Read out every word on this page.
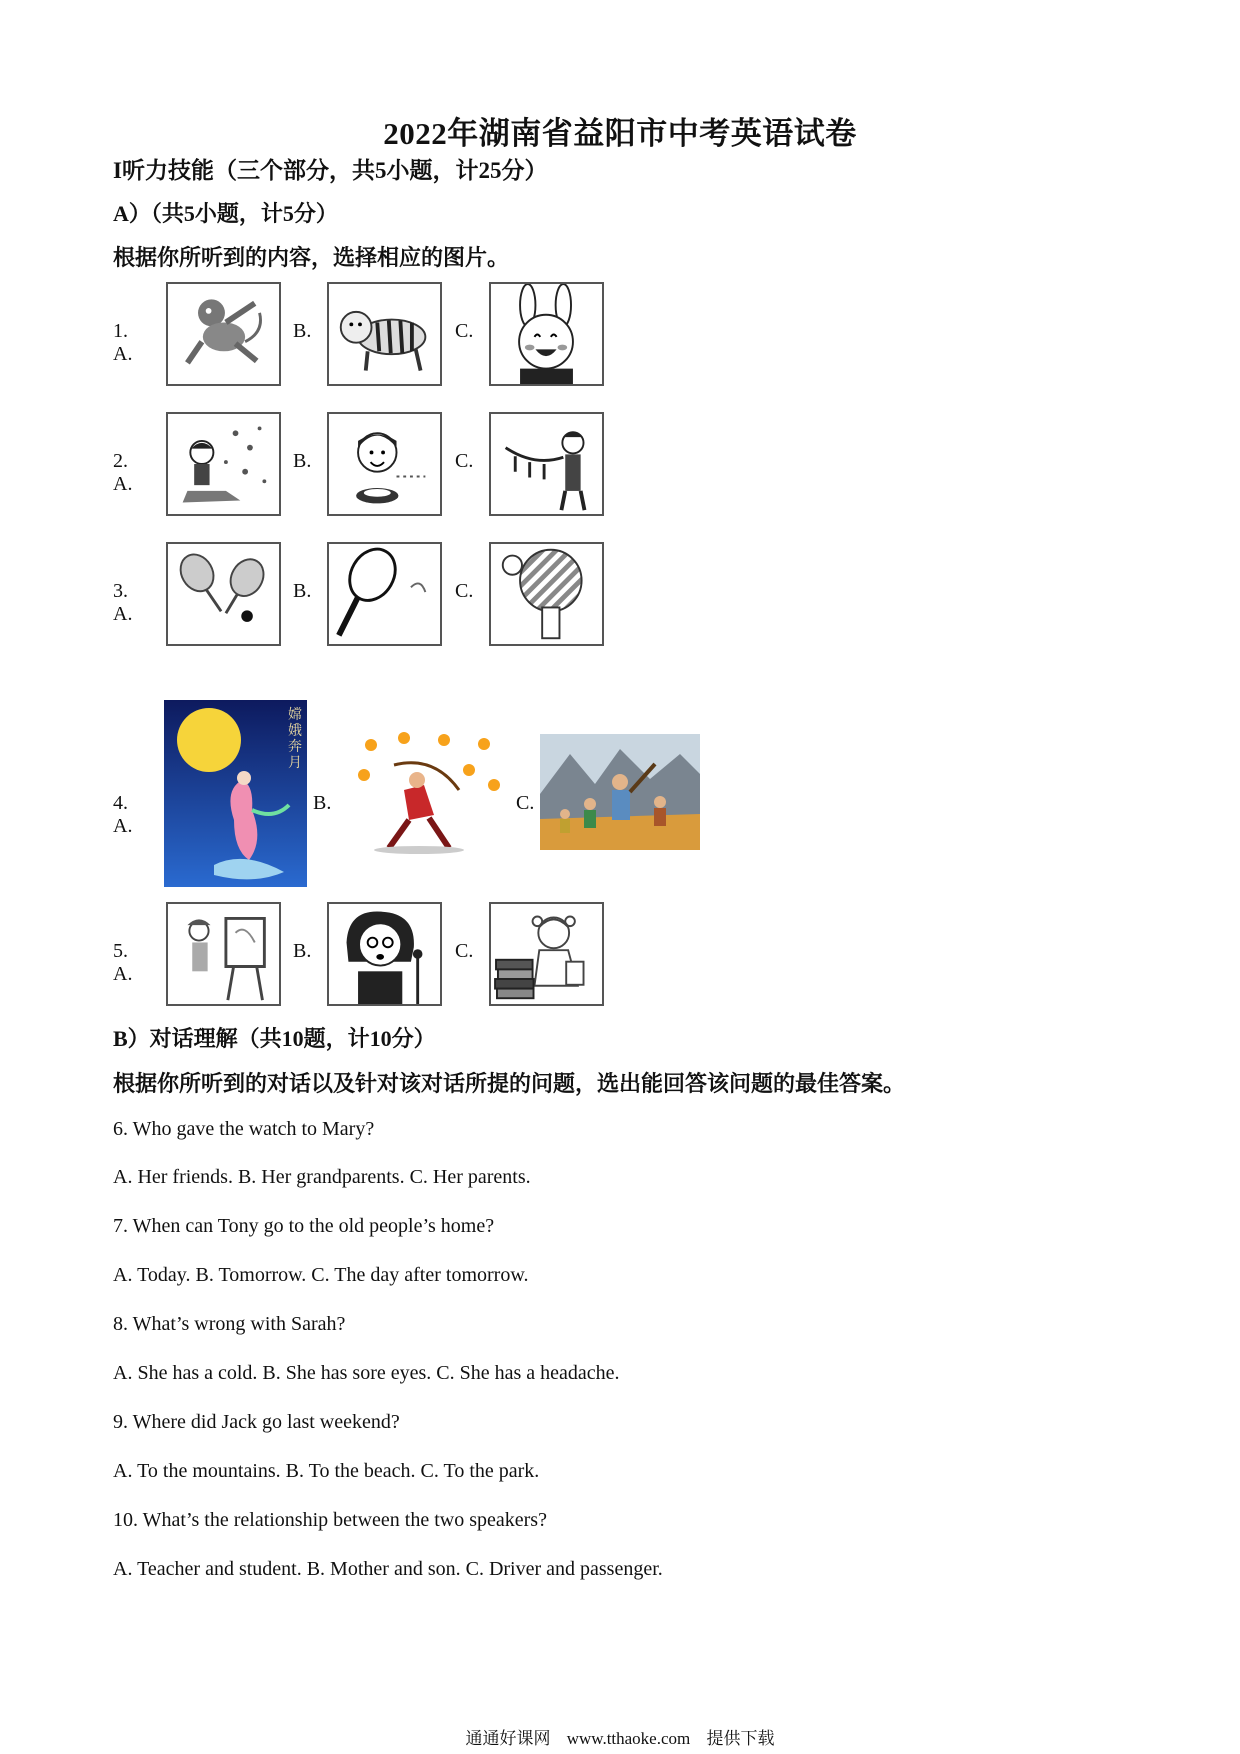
2022年湖南省益阳市中考英语试卷
I听力技能（三个部分，共5小题，计25分）
A）（共5小题，计5分）
根据你所听到的内容，选择相应的图片。
1. A.
B.	C.
2. A.
B.	C.
3. A.
B.	C.
4. A.
嫦娥奔月
B.	C.
5. A.
B.	C.
B）对话理解（共10题，计10分）
根据你所听到的对话以及针对该对话所提的问题，选出能回答该问题的最佳答案。
6. Who gave the watch to Mary?
A. Her friends. B. Her grandparents. C. Her parents.
7. When can Tony go to the old people’s home?
A. Today. B. Tomorrow. C. The day after tomorrow.
8. What’s wrong with Sarah?
A. She has a cold. B. She has sore eyes. C. She has a headache.
9. Where did Jack go last weekend?
A. To the mountains. B. To the beach. C. To the park.
10. What’s the relationship between the two speakers?
A. Teacher and student. B. Mother and son. C. Driver and passenger.
通通好课网 www.tthaoke.com 提供下载
